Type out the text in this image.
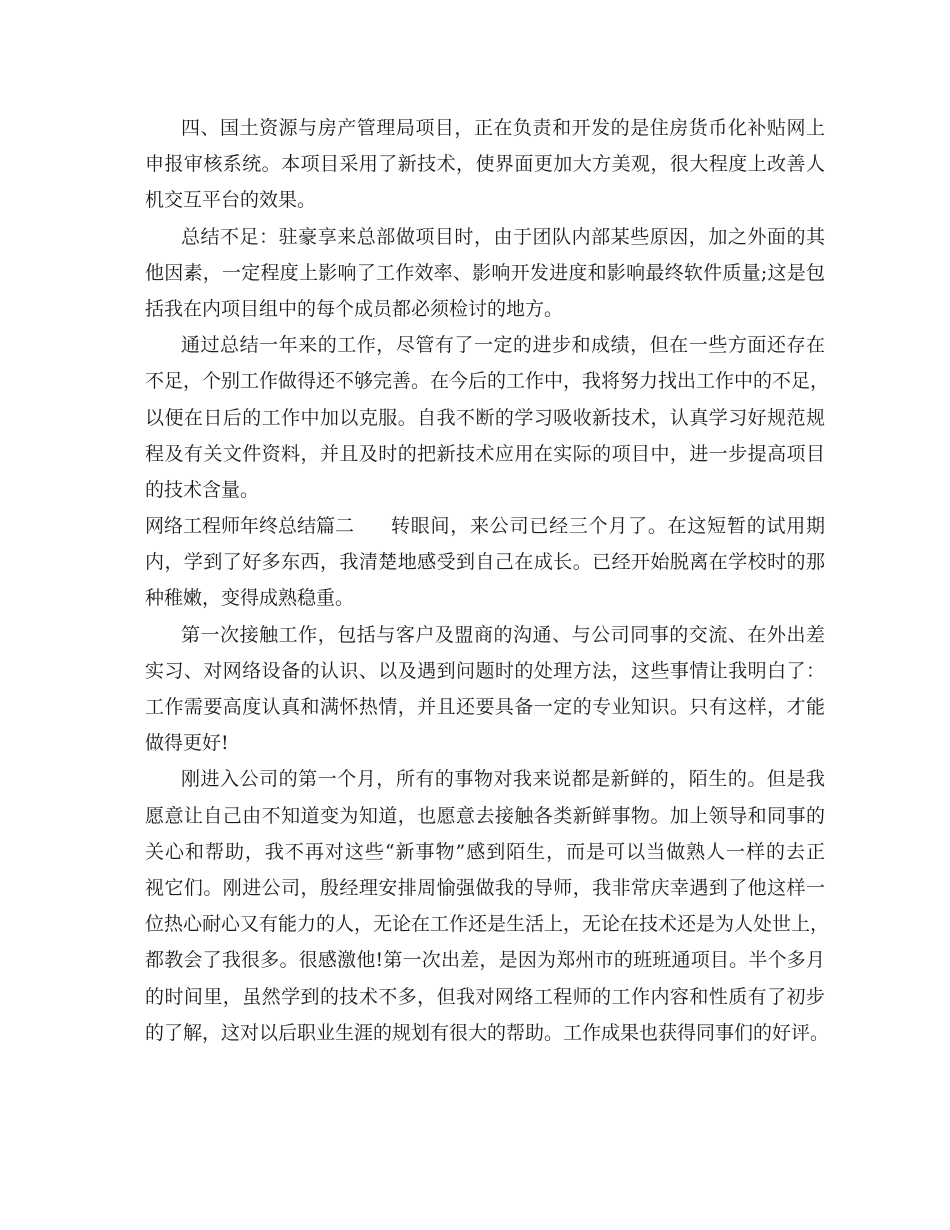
四、国土资源与房产管理局项目，正在负责和开发的是住房货币化补贴网上
申报审核系统。本项目采用了新技术，使界面更加大方美观，很大程度上改善人
机交互平台的效果。
总结不足：驻豪享来总部做项目时，由于团队内部某些原因，加之外面的其
他因素，一定程度上影响了工作效率、影响开发进度和影响最终软件质量;这是包
括我在内项目组中的每个成员都必须检讨的地方。
通过总结一年来的工作，尽管有了一定的进步和成绩，但在一些方面还存在
不足，个别工作做得还不够完善。在今后的工作中，我将努力找出工作中的不足，
以便在日后的工作中加以克服。自我不断的学习吸收新技术，认真学习好规范规
程及有关文件资料，并且及时的把新技术应用在实际的项目中，进一步提高项目
的技术含量。
网络工程师年终总结篇二	转眼间，来公司已经三个月了。在这短暂的试用期
内，学到了好多东西，我清楚地感受到自己在成长。已经开始脱离在学校时的那
种稚嫩，变得成熟稳重。
第一次接触工作，包括与客户及盟商的沟通、与公司同事的交流、在外出差
实习、对网络设备的认识、以及遇到问题时的处理方法，这些事情让我明白了：
工作需要高度认真和满怀热情，并且还要具备一定的专业知识。只有这样，才能
做得更好!
刚进入公司的第一个月，所有的事物对我来说都是新鲜的，陌生的。但是我
愿意让自己由不知道变为知道，也愿意去接触各类新鲜事物。加上领导和同事的
关心和帮助，我不再对这些“新事物”感到陌生，而是可以当做熟人一样的去正
视它们。刚进公司，殷经理安排周愉强做我的导师，我非常庆幸遇到了他这样一
位热心耐心又有能力的人，无论在工作还是生活上，无论在技术还是为人处世上，
都教会了我很多。很感激他!第一次出差，是因为郑州市的班班通项目。半个多月
的时间里，虽然学到的技术不多，但我对网络工程师的工作内容和性质有了初步
的了解，这对以后职业生涯的规划有很大的帮助。工作成果也获得同事们的好评。
